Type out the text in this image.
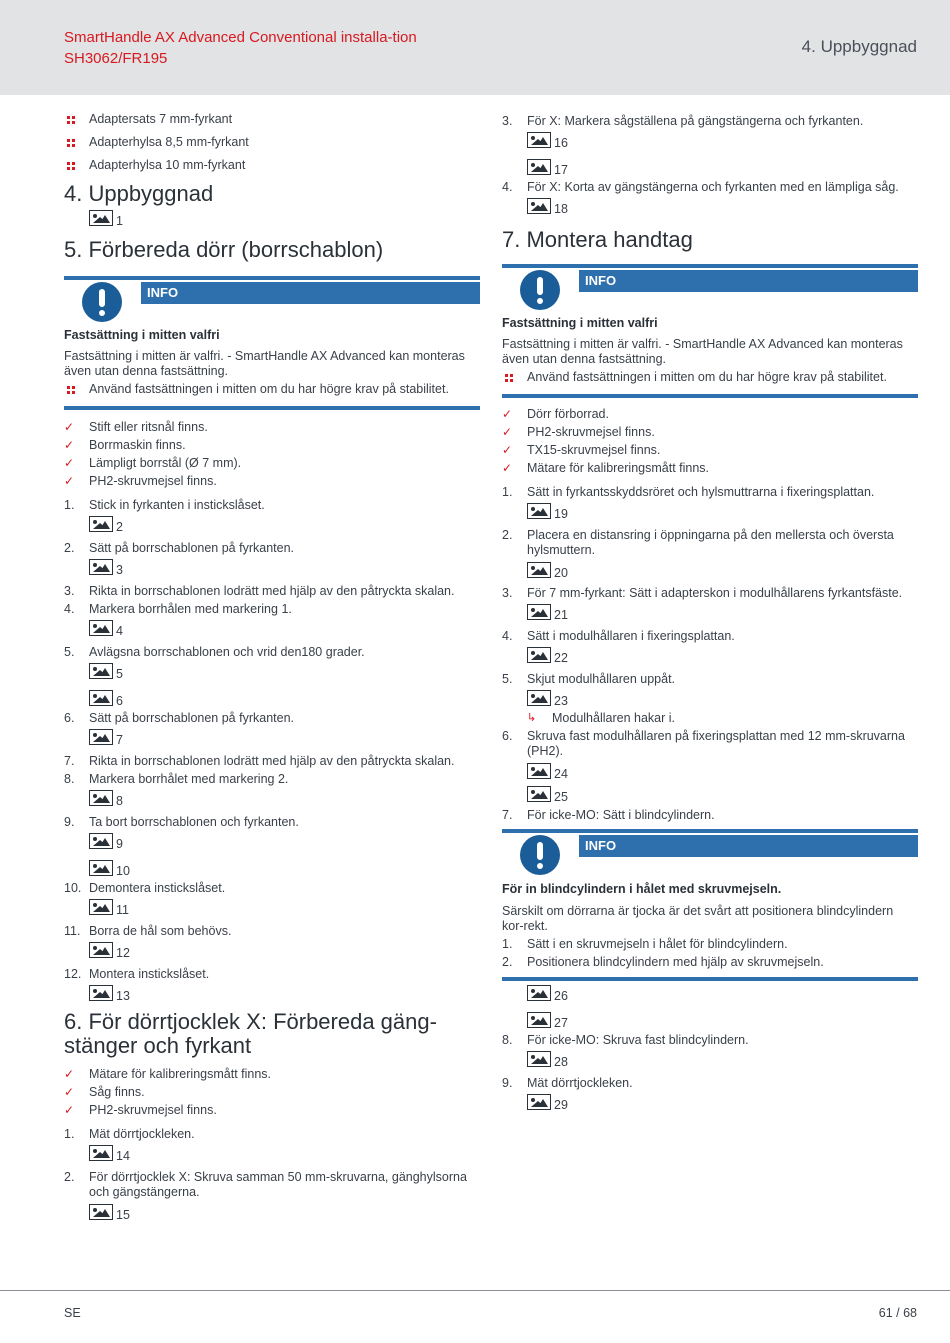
SmartHandle AX Advanced Conventional installa-tion SH3062/FR195
4. Uppbyggnad
Adaptersats 7 mm-fyrkant
Adapterhylsa 8,5 mm-fyrkant
Adapterhylsa 10 mm-fyrkant
4. Uppbyggnad
1
5. Förbereda dörr (borrschablon)
INFO
Fastsättning i mitten valfri
Fastsättning i mitten är valfri. - SmartHandle AX Advanced kan monteras även utan denna fastsättning.
Använd fastsättningen i mitten om du har högre krav på stabilitet.
✓ Stift eller ritsnål finns.
✓ Borrmaskin finns.
✓ Lämpligt borrstål (Ø 7 mm).
✓ PH2-skruvmejsel finns.
1. Stick in fyrkanten i instickslåset.
2
2. Sätt på borrschablonen på fyrkanten.
3
3. Rikta in borrschablonen lodrätt med hjälp av den påtryckta skalan.
4. Markera borrhålen med markering 1.
4
5. Avlägsna borrschablonen och vrid den180 grader.
5
6
6. Sätt på borrschablonen på fyrkanten.
7
7. Rikta in borrschablonen lodrätt med hjälp av den påtryckta skalan.
8. Markera borrhålet med markering 2.
8
9. Ta bort borrschablonen och fyrkanten.
9
10
10. Demontera instickslåset.
11
11. Borra de hål som behövs.
12
12. Montera instickslåset.
13
6. För dörrtjocklek X: Förbereda gäng-stänger och fyrkant
✓ Mätare för kalibreringsmått finns.
✓ Såg finns.
✓ PH2-skruvmejsel finns.
1. Mät dörrtjockleken.
14
2. För dörrtjocklek X: Skruva samman 50 mm-skruvarna, gänghylsorna och gängstängerna.
15
3. För X: Markera sågställena på gängstängerna och fyrkanten.
16
17
4. För X: Korta av gängstängerna och fyrkanten med en lämpliga såg.
18
7. Montera handtag
INFO
Fastsättning i mitten valfri
Fastsättning i mitten är valfri. - SmartHandle AX Advanced kan monteras även utan denna fastsättning.
Använd fastsättningen i mitten om du har högre krav på stabilitet.
✓ Dörr förborrad.
✓ PH2-skruvmejsel finns.
✓ TX15-skruvmejsel finns.
✓ Mätare för kalibreringsmått finns.
1. Sätt in fyrkantsskyddsröret och hylsmuttrarna i fixeringsplattan.
19
2. Placera en distansring i öppningarna på den mellersta och översta hylsmuttern.
20
3. För 7 mm-fyrkant: Sätt i adapterskon i modulhållarens fyrkantsfäste.
21
4. Sätt i modulhållaren i fixeringsplattan.
22
5. Skjut modulhållaren uppåt.
23
↳ Modulhållaren hakar i.
6. Skruva fast modulhållaren på fixeringsplattan med 12 mm-skruvarna (PH2).
24
25
7. För icke-MO: Sätt i blindcylindern.
INFO
För in blindcylindern i hålet med skruvmejseln.
Särskilt om dörrarna är tjocka är det svårt att positionera blindcylindern kor-rekt.
1. Sätt i en skruvmejseln i hålet för blindcylindern.
2. Positionera blindcylindern med hjälp av skruvmejseln.
26
27
8. För icke-MO: Skruva fast blindcylindern.
28
9. Mät dörrtjockleken.
29
SE	61 / 68
